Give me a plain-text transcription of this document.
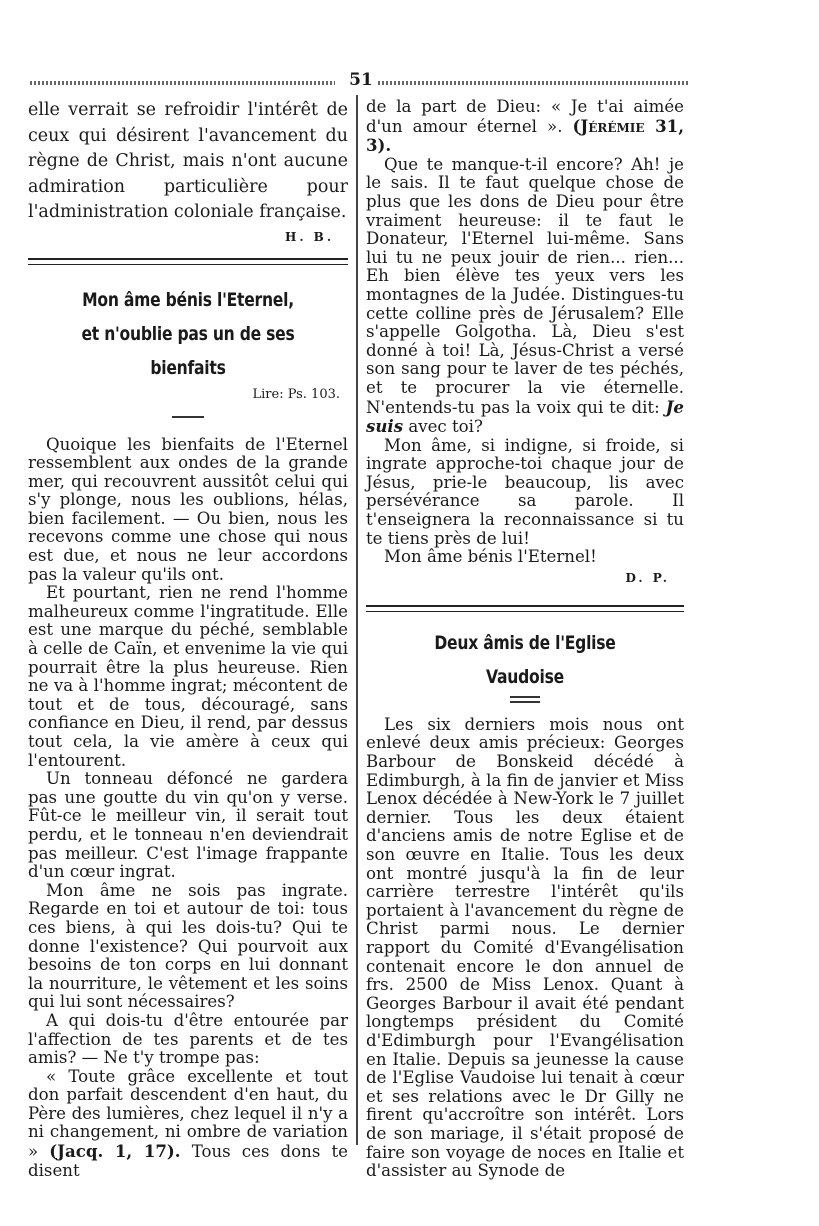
51

elle verrait se refroidir l'intérêt de ceux qui désirent l'avancement du règne de Christ, mais n'ont aucune admiration particulière pour l'administration coloniale française.

H. B.
Mon âme bénis l'Eternel,
et n'oublie pas un de ses bienfaits
Lire: Ps. 103.

Quoique les bienfaits de l'Eternel ressemblent aux ondes de la grande mer, qui recouvrent aussitôt celui qui s'y plonge, nous les oublions, hélas, bien facilement. — Ou bien, nous les recevons comme une chose qui nous est due, et nous ne leur accordons pas la valeur qu'ils ont.

Et pourtant, rien ne rend l'homme malheureux comme l'ingratitude. Elle est une marque du péché, semblable à celle de Caïn, et envenime la vie qui pourrait être la plus heureuse. Rien ne va à l'homme ingrat; mécontent de tout et de tous, découragé, sans confiance en Dieu, il rend, par dessus tout cela, la vie amère à ceux qui l'entourent.

Un tonneau défoncé ne gardera pas une goutte du vin qu'on y verse. Fût-ce le meilleur vin, il serait tout perdu, et le tonneau n'en deviendrait pas meilleur. C'est l'image frappante d'un cœur ingrat.

Mon âme ne sois pas ingrate. Regarde en toi et autour de toi: tous ces biens, à qui les dois-tu? Qui te donne l'existence? Qui pourvoit aux besoins de ton corps en lui donnant la nourriture, le vêtement et les soins qui lui sont nécessaires?

A qui dois-tu d'être entourée par l'affection de tes parents et de tes amis? — Ne t'y trompe pas:

« Toute grâce excellente et tout don parfait descendent d'en haut, du Père des lumières, chez lequel il n'y a ni changement, ni ombre de variation » (Jacq. 1, 17). Tous ces dons te disent

de la part de Dieu: « Je t'ai aimée d'un amour éternel ». (Jérémie 31, 3).

Que te manque-t-il encore? Ah! je le sais. Il te faut quelque chose de plus que les dons de Dieu pour être vraiment heureuse: il te faut le Donateur, l'Eternel lui-même. Sans lui tu ne peux jouir de rien... rien... Eh bien élève tes yeux vers les montagnes de la Judée. Distingues-tu cette colline près de Jérusalem? Elle s'appelle Golgotha. Là, Dieu s'est donné à toi! Là, Jésus-Christ a versé son sang pour te laver de tes péchés, et te procurer la vie éternelle. N'entends-tu pas la voix qui te dit: Je suis avec toi?

Mon âme, si indigne, si froide, si ingrate approche-toi chaque jour de Jésus, prie-le beaucoup, lis avec persévérance sa parole. Il t'enseignera la reconnaissance si tu te tiens près de lui!

Mon âme bénis l'Eternel!

D. P.
Deux âmis de l'Eglise Vaudoise

Les six derniers mois nous ont enlevé deux amis précieux: Georges Barbour de Bonskeid décédé à Edimburgh, à la fin de janvier et Miss Lenox décédée à New-York le 7 juillet dernier. Tous les deux étaient d'anciens amis de notre Eglise et de son œuvre en Italie. Tous les deux ont montré jusqu'à la fin de leur carrière terrestre l'intérêt qu'ils portaient à l'avancement du règne de Christ parmi nous. Le dernier rapport du Comité d'Evangélisation contenait encore le don annuel de frs. 2500 de Miss Lenox. Quant à Georges Barbour il avait été pendant longtemps président du Comité d'Edimburgh pour l'Evangélisation en Italie. Depuis sa jeunesse la cause de l'Eglise Vaudoise lui tenait à cœur et ses relations avec le Dr Gilly ne firent qu'accroître son intérêt. Lors de son mariage, il s'était proposé de faire son voyage de noces en Italie et d'assister au Synode de
